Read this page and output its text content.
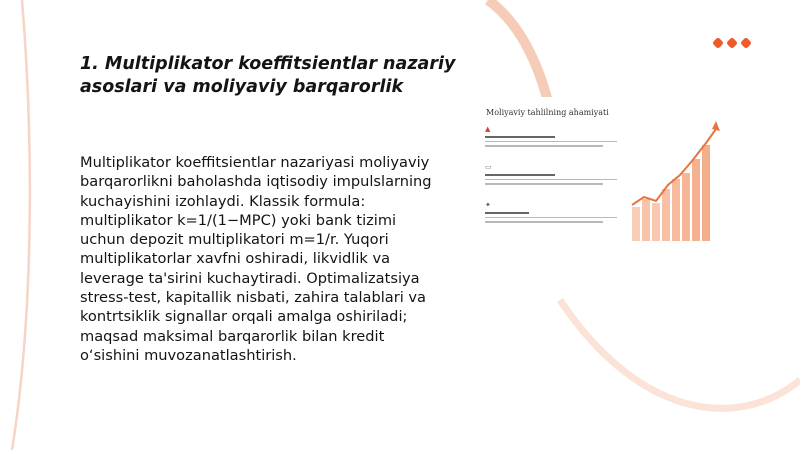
1. Multiplikator koeffitsientlar nazariy asoslari va moliyaviy barqarorlik

Multiplikator koeffitsientlar nazariyasi moliyaviy barqarorlikni baholashda iqtisodiy impulslarning kuchayishini izohlaydi. Klassik formula: multiplikator k=1/(1−MPC) yoki bank tizimi uchun depozit multiplikatori m=1/r. Yuqori multiplikatorlar xavfni oshiradi, likvidlik va leverage ta'sirini kuchaytiradi. Optimalizatsiya stress-test, kapitallik nisbati, zahira talablari va kontrtsiklik signallar orqali amalga oshiriladi; maqsad maksimal barqarorlik bilan kredit o‘sishini muvozanatlashtirish.

Moliyaviy tahlilning ahamiyati
▲
▭
✦
